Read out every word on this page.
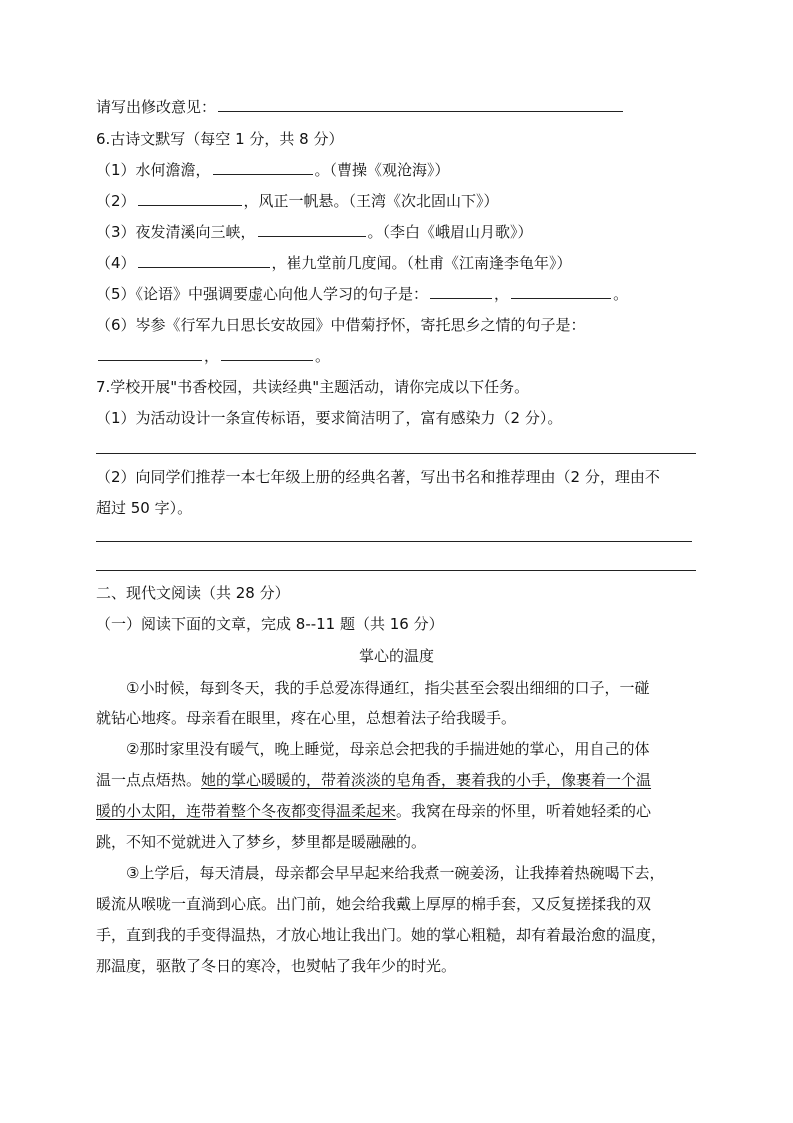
请写出修改意见：
6.古诗文默写（每空 1 分，共 8 分）
（1）水何澹澹，	。（曹操《观沧海》）
（2）	，风正一帆悬。（王湾《次北固山下》）
（3）夜发清溪向三峡，	。（李白《峨眉山月歌》）
（4）	，崔九堂前几度闻。（杜甫《江南逢李龟年》）
（5）《论语》中强调要虚心向他人学习的句子是：	，	。
（6）岑参《行军九日思长安故园》中借菊抒怀，寄托思乡之情的句子是：
，	。
7.学校开展"书香校园，共读经典"主题活动，请你完成以下任务。
（1）为活动设计一条宣传标语，要求简洁明了，富有感染力（2 分）。
（2）向同学们推荐一本七年级上册的经典名著，写出书名和推荐理由（2 分，理由不
超过 50 字）。
二、现代文阅读（共 28 分）
（一）阅读下面的文章，完成 8--11 题（共 16 分）
掌心的温度
①小时候，每到冬天，我的手总爱冻得通红，指尖甚至会裂出细细的口子，一碰
就钻心地疼。母亲看在眼里，疼在心里，总想着法子给我暖手。
②那时家里没有暖气，晚上睡觉，母亲总会把我的手揣进她的掌心，用自己的体
温一点点焐热。她的掌心暖暖的，带着淡淡的皂角香，裹着我的小手，像裹着一个温
暖的小太阳，连带着整个冬夜都变得温柔起来。我窝在母亲的怀里，听着她轻柔的心
跳，不知不觉就进入了梦乡，梦里都是暖融融的。
③上学后，每天清晨，母亲都会早早起来给我煮一碗姜汤，让我捧着热碗喝下去，
暖流从喉咙一直淌到心底。出门前，她会给我戴上厚厚的棉手套，又反复搓揉我的双
手，直到我的手变得温热，才放心地让我出门。她的掌心粗糙，却有着最治愈的温度，
那温度，驱散了冬日的寒冷，也熨帖了我年少的时光。
